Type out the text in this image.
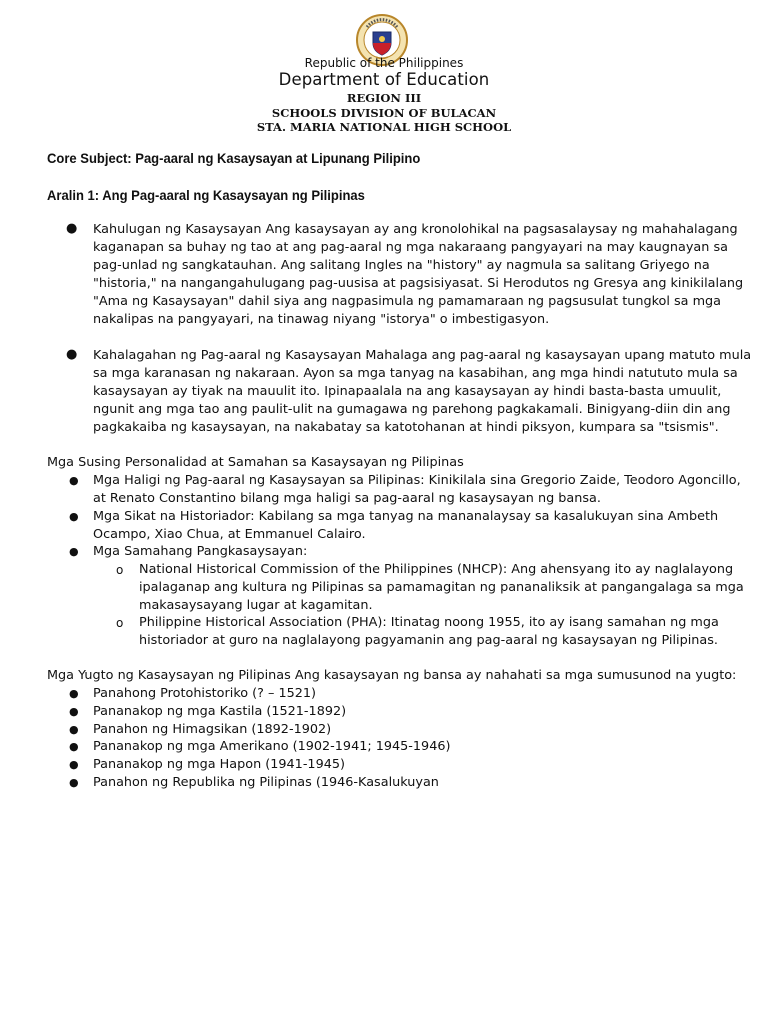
Republic of the Philippines
Department of Education
REGION III
SCHOOLS DIVISION OF BULACAN
STA. MARIA NATIONAL HIGH SCHOOL
Core Subject: Pag-aaral ng Kasaysayan at Lipunang Pilipino
Aralin 1: Ang Pag-aaral ng Kasaysayan ng Pilipinas
● Kahulugan ng Kasaysayan Ang kasaysayan ay ang kronolohikal na pagsasalaysay ng mahahalagang
kaganapan sa buhay ng tao at ang pag-aaral ng mga nakaraang pangyayari na may kaugnayan sa
pag-unlad ng sangkatauhan. Ang salitang Ingles na "history" ay nagmula sa salitang Griyego na
"historia," na nangangahulugang pag-uusisa at pagsisiyasat. Si Herodutos ng Gresya ang kinikilalang
"Ama ng Kasaysayan" dahil siya ang nagpasimula ng pamamaraan ng pagsusulat tungkol sa mga
nakalipas na pangyayari, na tinawag niyang "istorya" o imbestigasyon.
● Kahalagahan ng Pag-aaral ng Kasaysayan Mahalaga ang pag-aaral ng kasaysayan upang matuto mula
sa mga karanasan ng nakaraan. Ayon sa mga tanyag na kasabihan, ang mga hindi natututo mula sa
kasaysayan ay tiyak na mauulit ito. Ipinapaalala na ang kasaysayan ay hindi basta-basta umuulit,
ngunit ang mga tao ang paulit-ulit na gumagawa ng parehong pagkakamali. Binigyang-diin din ang
pagkakaiba ng kasaysayan, na nakabatay sa katotohanan at hindi piksyon, kumpara sa "tsismis".
Mga Susing Personalidad at Samahan sa Kasaysayan ng Pilipinas
● Mga Haligi ng Pag-aaral ng Kasaysayan sa Pilipinas: Kinikilala sina Gregorio Zaide, Teodoro Agoncillo,
at Renato Constantino bilang mga haligi sa pag-aaral ng kasaysayan ng bansa.
● Mga Sikat na Historiador: Kabilang sa mga tanyag na mananalaysay sa kasalukuyan sina Ambeth
Ocampo, Xiao Chua, at Emmanuel Calairo.
● Mga Samahang Pangkasaysayan:
o National Historical Commission of the Philippines (NHCP): Ang ahensyang ito ay naglalayong
ipalaganap ang kultura ng Pilipinas sa pamamagitan ng pananaliksik at pangangalaga sa mga
makasaysayang lugar at kagamitan.
o Philippine Historical Association (PHA): Itinatag noong 1955, ito ay isang samahan ng mga
historiador at guro na naglalayong pagyamanin ang pag-aaral ng kasaysayan ng Pilipinas.
Mga Yugto ng Kasaysayan ng Pilipinas Ang kasaysayan ng bansa ay nahahati sa mga sumusunod na yugto:
● Panahong Protohistoriko (? – 1521)
● Pananakop ng mga Kastila (1521-1892)
● Panahon ng Himagsikan (1892-1902)
● Pananakop ng mga Amerikano (1902-1941; 1945-1946)
● Pananakop ng mga Hapon (1941-1945)
● Panahon ng Republika ng Pilipinas (1946-Kasalukuyan
